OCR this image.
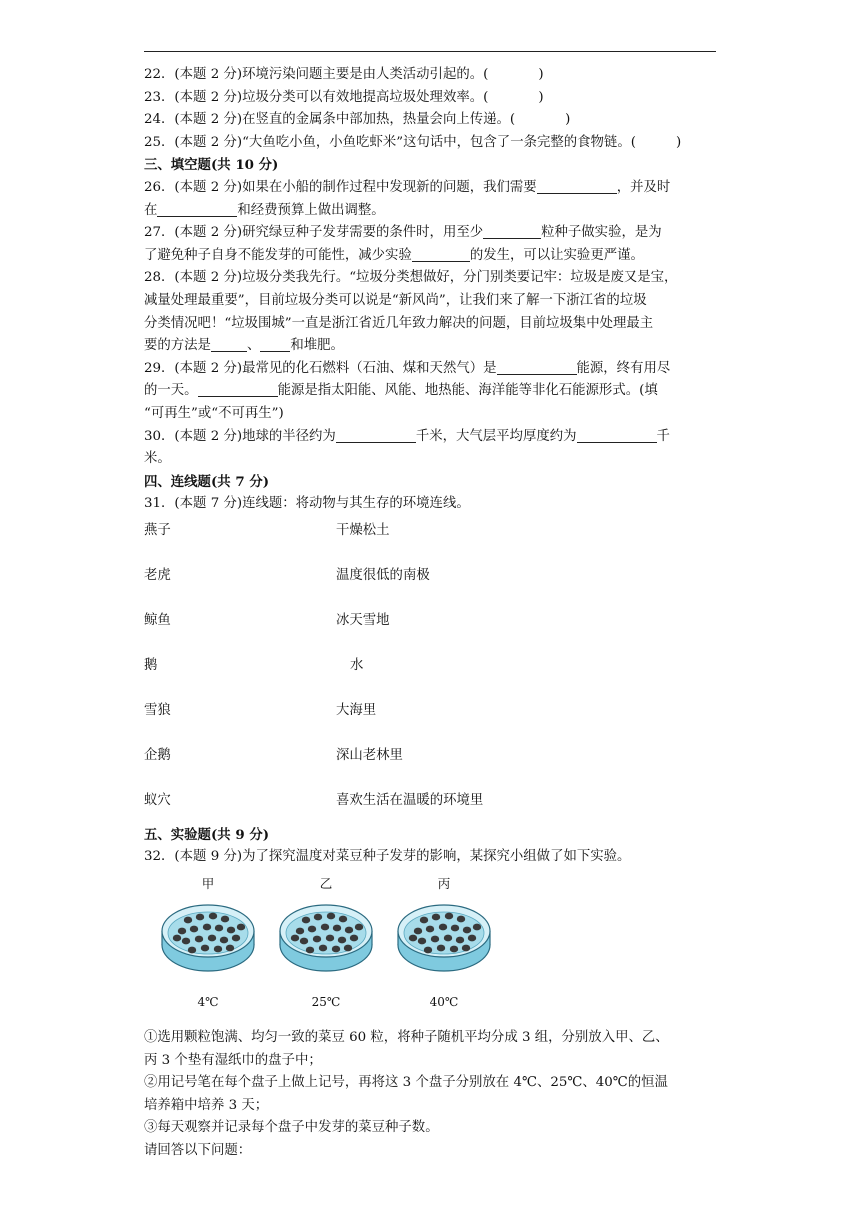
22．(本题 2 分)环境污染问题主要是由人类活动引起的。(	)
23．(本题 2 分)垃圾分类可以有效地提高垃圾处理效率。(	)
24．(本题 2 分)在竖直的金属条中部加热，热量会向上传递。(	)
25．(本题 2 分)“大鱼吃小鱼，小鱼吃虾米”这句话中，包含了一条完整的食物链。(	)
三、填空题(共 10 分)
26．(本题 2 分)如果在小船的制作过程中发现新的问题，我们需要	，并及时
在	和经费预算上做出调整。
27．(本题 2 分)研究绿豆种子发芽需要的条件时，用至少	粒种子做实验，是为
了避免种子自身不能发芽的可能性，减少实验	的发生，可以让实验更严谨。
28．(本题 2 分)垃圾分类我先行。“垃圾分类想做好，分门别类要记牢：垃圾是废又是宝，
减量处理最重要”，目前垃圾分类可以说是“新风尚”，让我们来了解一下浙江省的垃圾
分类情况吧！“垃圾围城”一直是浙江省近几年致力解决的问题，目前垃圾集中处理最主
要的方法是	、 和堆肥。
29．(本题 2 分)最常见的化石燃料（石油、煤和天然气）是	能源，终有用尽
的一天。	能源是指太阳能、风能、地热能、海洋能等非化石能源形式。(填
“可再生”或“不可再生”)
30．(本题 2 分)地球的半径约为	千米，大气层平均厚度约为	千
米。
四、连线题(共 7 分)
31．(本题 7 分)连线题：将动物与其生存的环境连线。
燕子	干燥松土
老虎	温度很低的南极
鲸鱼	冰天雪地
鹅	水
雪狼	大海里
企鹅	深山老林里
蚁穴	喜欢生活在温暖的环境里
五、实验题(共 9 分)
32．(本题 9 分)为了探究温度对菜豆种子发芽的影响，某探究小组做了如下实验。
甲
4℃
乙
25℃
丙
40℃
①选用颗粒饱满、均匀一致的菜豆 60 粒，将种子随机平均分成 3 组，分别放入甲、乙、
丙 3 个垫有湿纸巾的盘子中；
②用记号笔在每个盘子上做上记号，再将这 3 个盘子分别放在 4℃、25℃、40℃的恒温
培养箱中培养 3 天；
③每天观察并记录每个盘子中发芽的菜豆种子数。
请回答以下问题：
